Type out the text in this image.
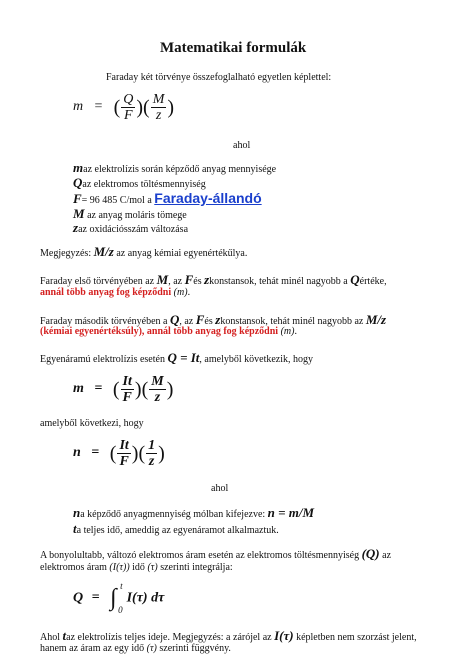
Matematikai formulák
Faraday két törvénye összefoglalható egyetlen képlettel:
m = ( $\frac{Q}{F}$ )( $\frac{M}{z}$ )
ahol
maz elektrolízis során képződő anyag mennyisége
Qaz elektromos töltésmennyiség
F= 96 485 C/mol a Faraday-állandó
M az anyag moláris tömege
zaz oxidációsszám változása
Megjegyzés: M/z az anyag kémiai egyenértékűlya.
Faraday első törvényében az M, az Fés zkonstansok, tehát minél nagyobb a Qértéke,
annál több anyag fog képződni (m).
Faraday második törvényében a Q, az Fés zkonstansok, tehát minél nagyobb az M/z
(kémiai egyenértéksúly), annál több anyag fog képződni (m).
Egyenáramú elektrolízis esetén Q = It, amelyből következik, hogy
m = ( $\frac{It}{F}$ )( $\frac{M}{z}$ )
amelyből következi, hogy
n = ( $\frac{It}{F}$ )( $\frac{1}{z}$ )
ahol
na képződő anyagmennyiség mólban kifejezve: n = m/M
ta teljes idő, ameddig az egyenáramot alkalmaztuk.
A bonyolultabb, változó elektromos áram esetén az elektromos töltésmennyiség (Q) az
elektromos áram (I(τ)) idő (τ) szerinti integrálja:
Q = ∫ t
0
I(τ) dτ
Ahol taz elektrolízis teljes ideje. Megjegyzés: a zárójel az I(τ) képletben nem szorzást jelent,
hanem az áram az egy idő (τ) szerinti függvény.
